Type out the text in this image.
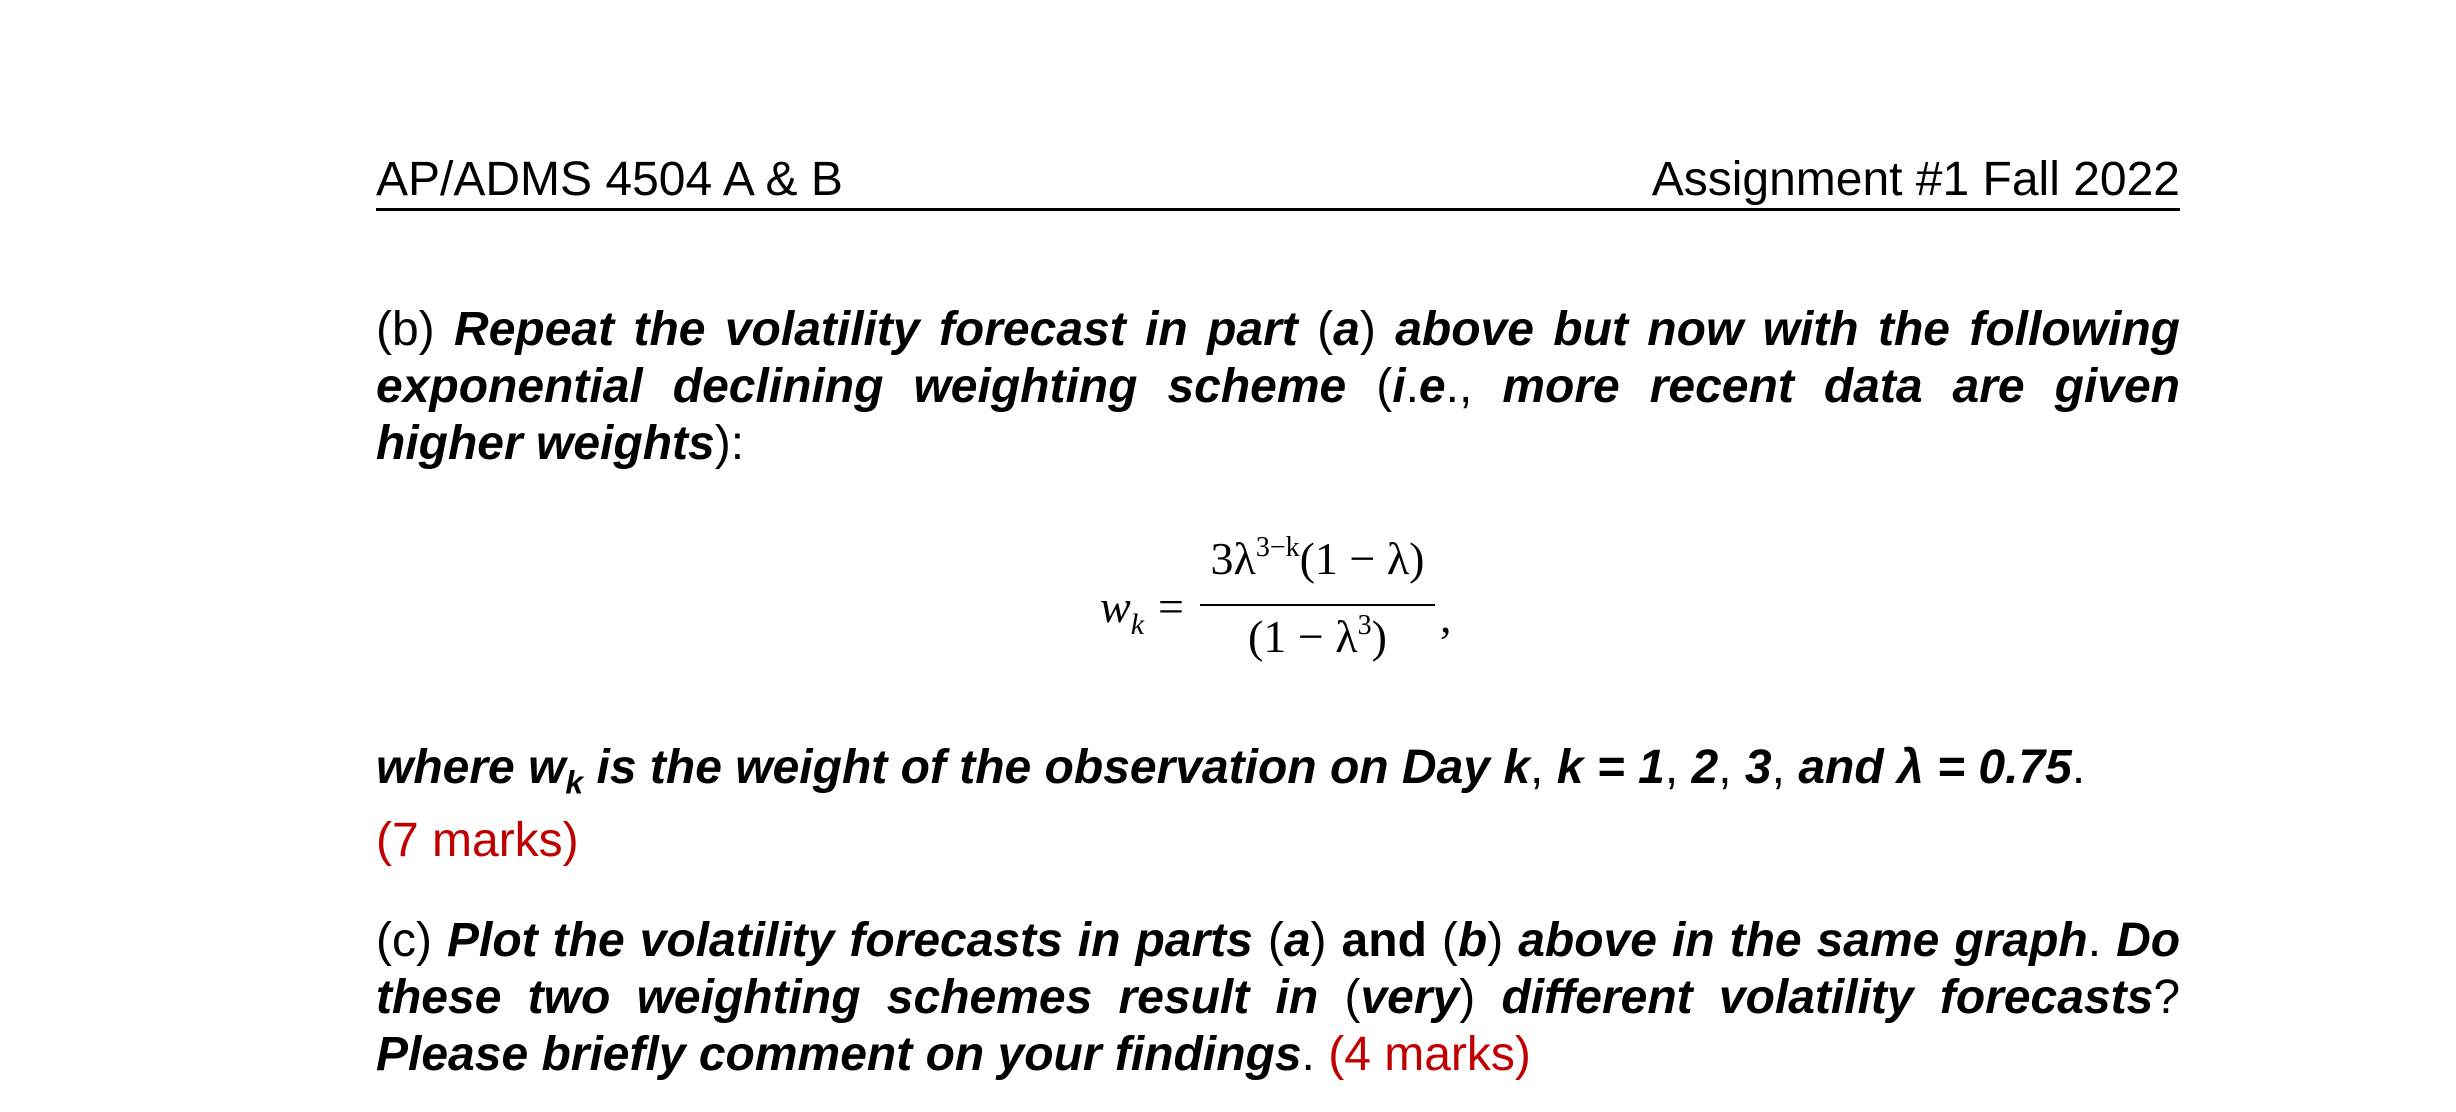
AP/ADMS 4504 A & B	Assignment #1 Fall 2022
(b) Repeat the volatility forecast in part (a) above but now with the following exponential declining weighting scheme (i.e., more recent data are given higher weights):
$w_k$ =
$3\lambda^{3-k}(1 - \lambda)$
$(1 - \lambda^3)$	,
where $w_k$ is the weight of the observation on Day k, k = 1, 2, 3, and λ = 0.75.
(7 marks)
(c) Plot the volatility forecasts in parts (a) and (b) above in the same graph. Do these two weighting schemes result in (very) different volatility forecasts? Please briefly comment on your findings. (4 marks)
